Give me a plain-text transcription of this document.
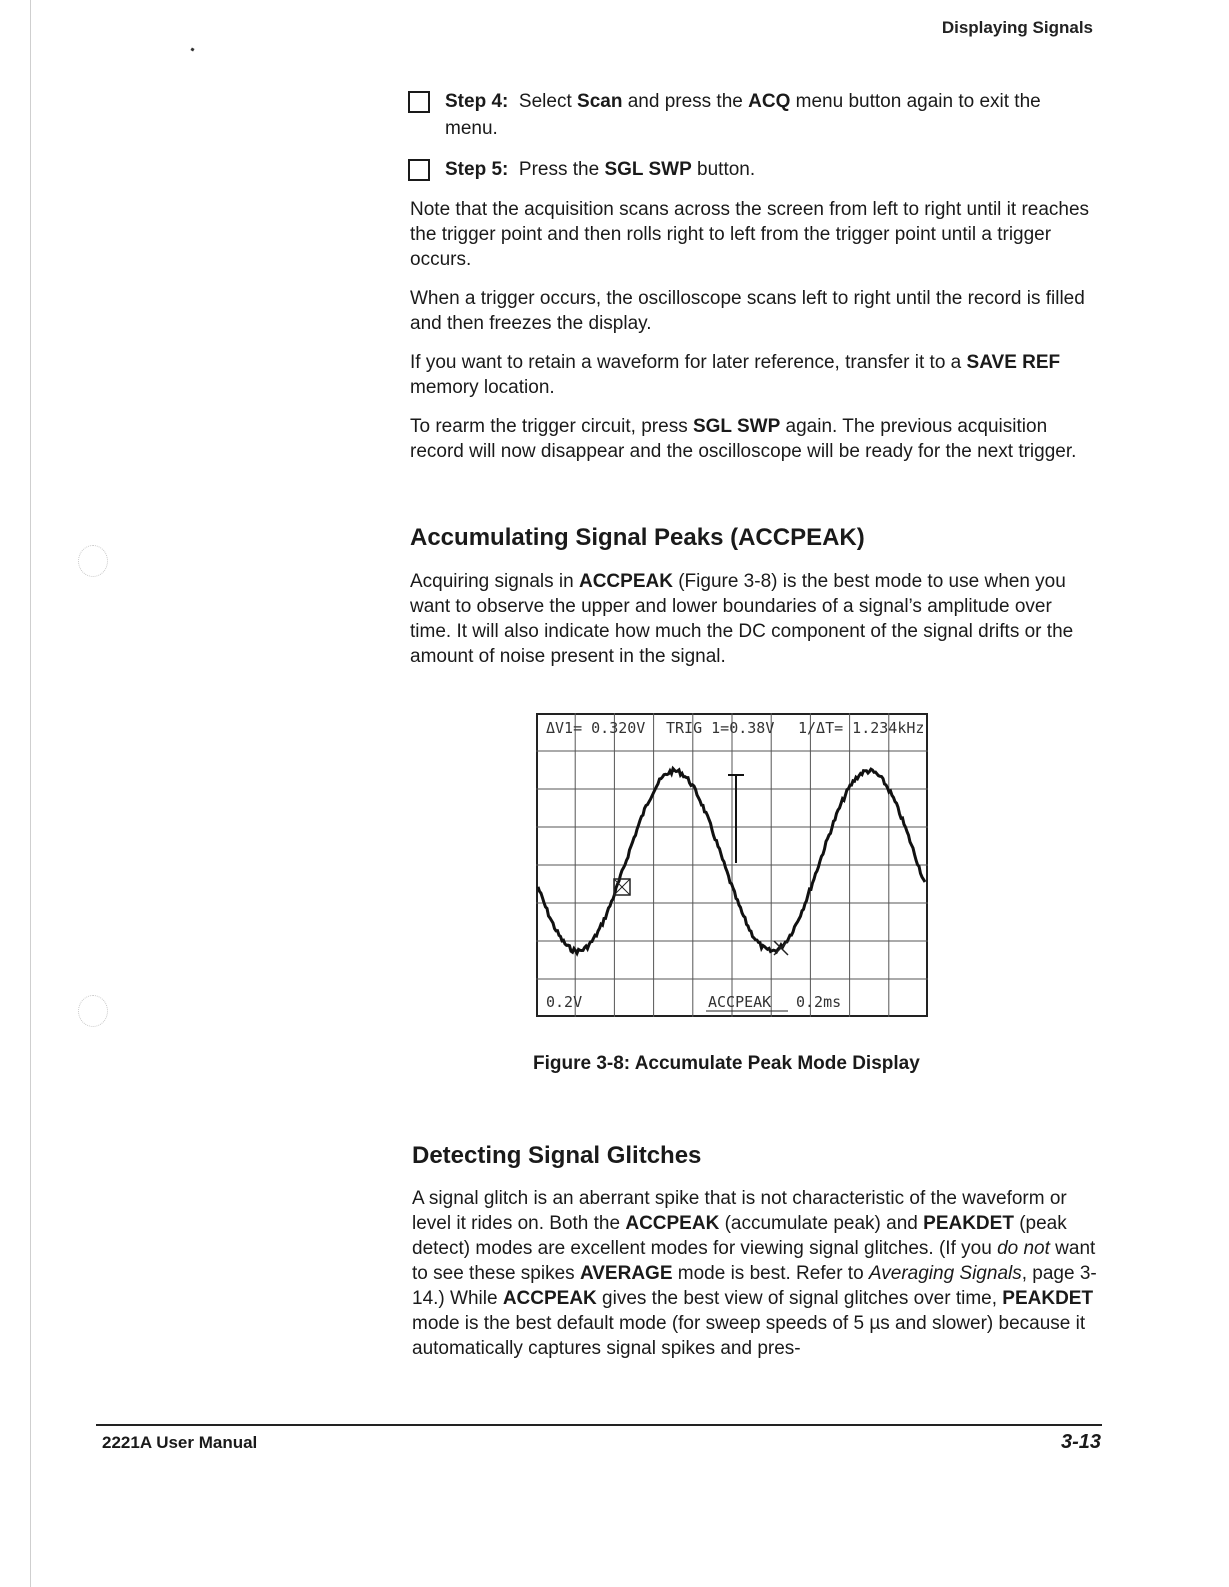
Displaying Signals
Step 4: Select Scan and press the ACQ menu button again to exit the menu.
Step 5: Press the SGL SWP button.

Note that the acquisition scans across the screen from left to right until it reaches the trigger point and then rolls right to left from the trigger point until a trigger occurs.

When a trigger occurs, the oscilloscope scans left to right until the record is filled and then freezes the display.

If you want to retain a waveform for later reference, transfer it to a SAVE REF memory location.

To rearm the trigger circuit, press SGL SWP again. The previous acquisition record will now disappear and the oscilloscope will be ready for the next trigger.

Accumulating Signal Peaks (ACCPEAK)

Acquiring signals in ACCPEAK (Figure 3-8) is the best mode to use when you want to observe the upper and lower boundaries of a signal’s amplitude over time. It will also indicate how much the DC component of the signal drifts or the amount of noise present in the signal.

ΔV1= 0.320V TRIG 1=0.38V 1/ΔT= 1.234kHz
0.2V	ACCPEAK 0.2ms
Figure 3-8: Accumulate Peak Mode Display
Detecting Signal Glitches

A signal glitch is an aberrant spike that is not characteristic of the waveform or level it rides on. Both the ACCPEAK (accumulate peak) and PEAKDET (peak detect) modes are excellent modes for viewing signal glitches. (If you do not want to see these spikes AVERAGE mode is best. Refer to Averaging Signals, page 3-14.) While ACCPEAK gives the best view of signal glitches over time, PEAKDET mode is the best default mode (for sweep speeds of 5 µs and slower) because it automatically captures signal spikes and pres-

2221A User Manual	3-13
